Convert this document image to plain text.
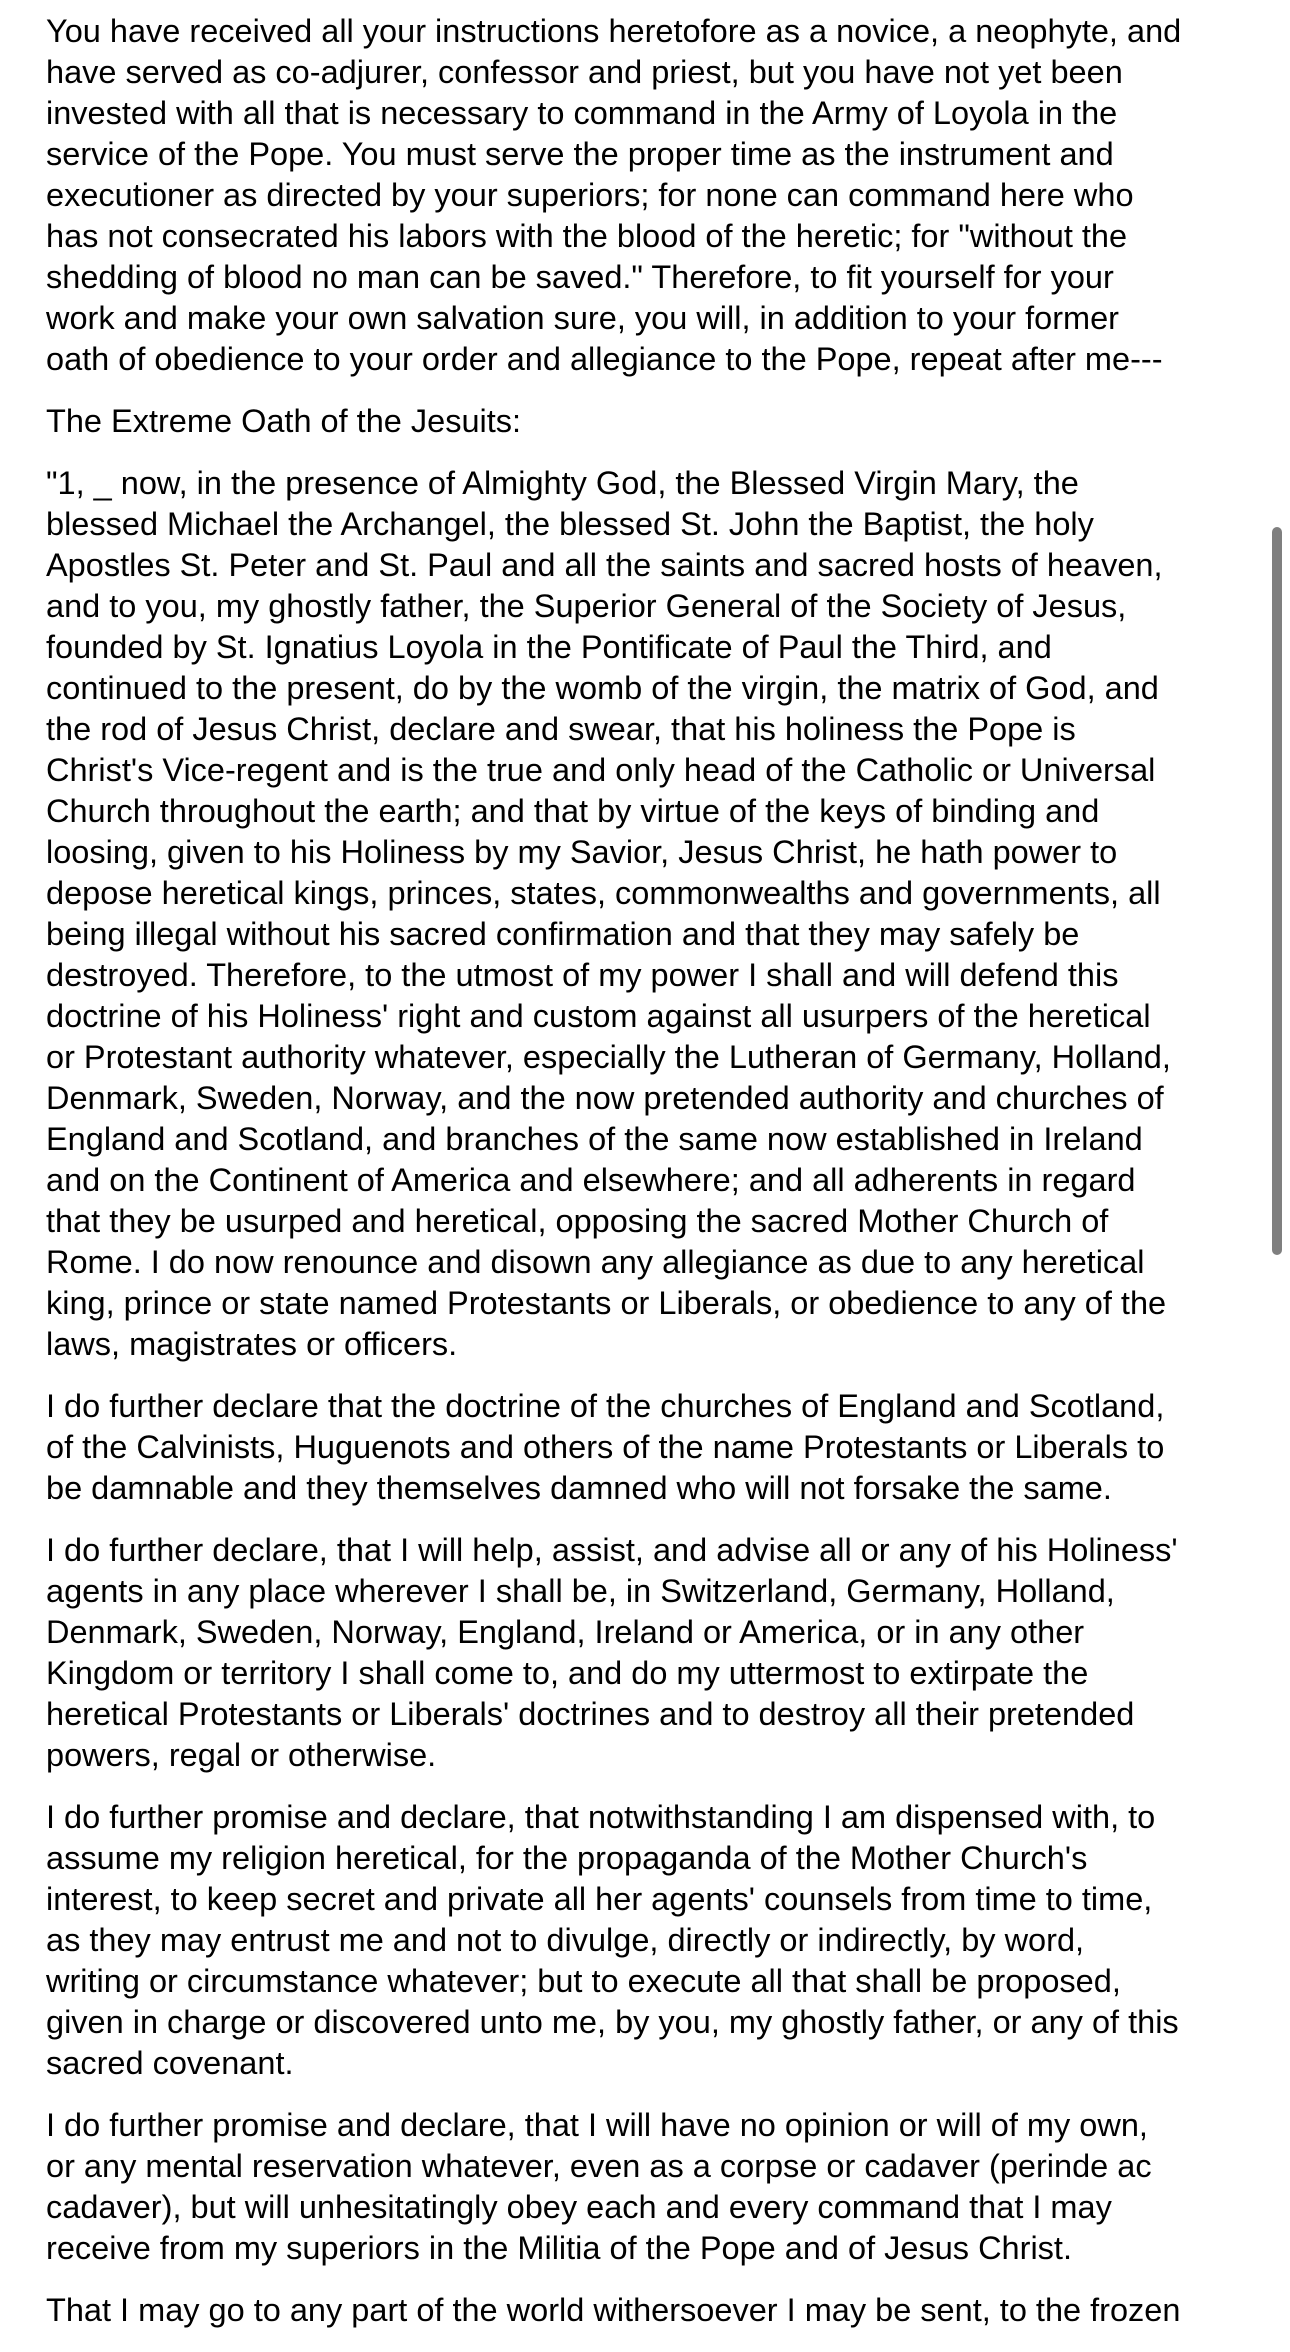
You have received all your instructions heretofore as a novice, a neophyte, and
have served as co-adjurer, confessor and priest, but you have not yet been
invested with all that is necessary to command in the Army of Loyola in the
service of the Pope. You must serve the proper time as the instrument and
executioner as directed by your superiors; for none can command here who
has not consecrated his labors with the blood of the heretic; for "without the
shedding of blood no man can be saved." Therefore, to fit yourself for your
work and make your own salvation sure, you will, in addition to your former
oath of obedience to your order and allegiance to the Pope, repeat after me---

The Extreme Oath of the Jesuits:

"1, _ now, in the presence of Almighty God, the Blessed Virgin Mary, the
blessed Michael the Archangel, the blessed St. John the Baptist, the holy
Apostles St. Peter and St. Paul and all the saints and sacred hosts of heaven,
and to you, my ghostly father, the Superior General of the Society of Jesus,
founded by St. Ignatius Loyola in the Pontificate of Paul the Third, and
continued to the present, do by the womb of the virgin, the matrix of God, and
the rod of Jesus Christ, declare and swear, that his holiness the Pope is
Christ's Vice-regent and is the true and only head of the Catholic or Universal
Church throughout the earth; and that by virtue of the keys of binding and
loosing, given to his Holiness by my Savior, Jesus Christ, he hath power to
depose heretical kings, princes, states, commonwealths and governments, all
being illegal without his sacred confirmation and that they may safely be
destroyed. Therefore, to the utmost of my power I shall and will defend this
doctrine of his Holiness' right and custom against all usurpers of the heretical
or Protestant authority whatever, especially the Lutheran of Germany, Holland,
Denmark, Sweden, Norway, and the now pretended authority and churches of
England and Scotland, and branches of the same now established in Ireland
and on the Continent of America and elsewhere; and all adherents in regard
that they be usurped and heretical, opposing the sacred Mother Church of
Rome. I do now renounce and disown any allegiance as due to any heretical
king, prince or state named Protestants or Liberals, or obedience to any of the
laws, magistrates or officers.

I do further declare that the doctrine of the churches of England and Scotland,
of the Calvinists, Huguenots and others of the name Protestants or Liberals to
be damnable and they themselves damned who will not forsake the same.

I do further declare, that I will help, assist, and advise all or any of his Holiness'
agents in any place wherever I shall be, in Switzerland, Germany, Holland,
Denmark, Sweden, Norway, England, Ireland or America, or in any other
Kingdom or territory I shall come to, and do my uttermost to extirpate the
heretical Protestants or Liberals' doctrines and to destroy all their pretended
powers, regal or otherwise.

I do further promise and declare, that notwithstanding I am dispensed with, to
assume my religion heretical, for the propaganda of the Mother Church's
interest, to keep secret and private all her agents' counsels from time to time,
as they may entrust me and not to divulge, directly or indirectly, by word,
writing or circumstance whatever; but to execute all that shall be proposed,
given in charge or discovered unto me, by you, my ghostly father, or any of this
sacred covenant.

I do further promise and declare, that I will have no opinion or will of my own,
or any mental reservation whatever, even as a corpse or cadaver (perinde ac
cadaver), but will unhesitatingly obey each and every command that I may
receive from my superiors in the Militia of the Pope and of Jesus Christ.

That I may go to any part of the world withersoever I may be sent, to the frozen
